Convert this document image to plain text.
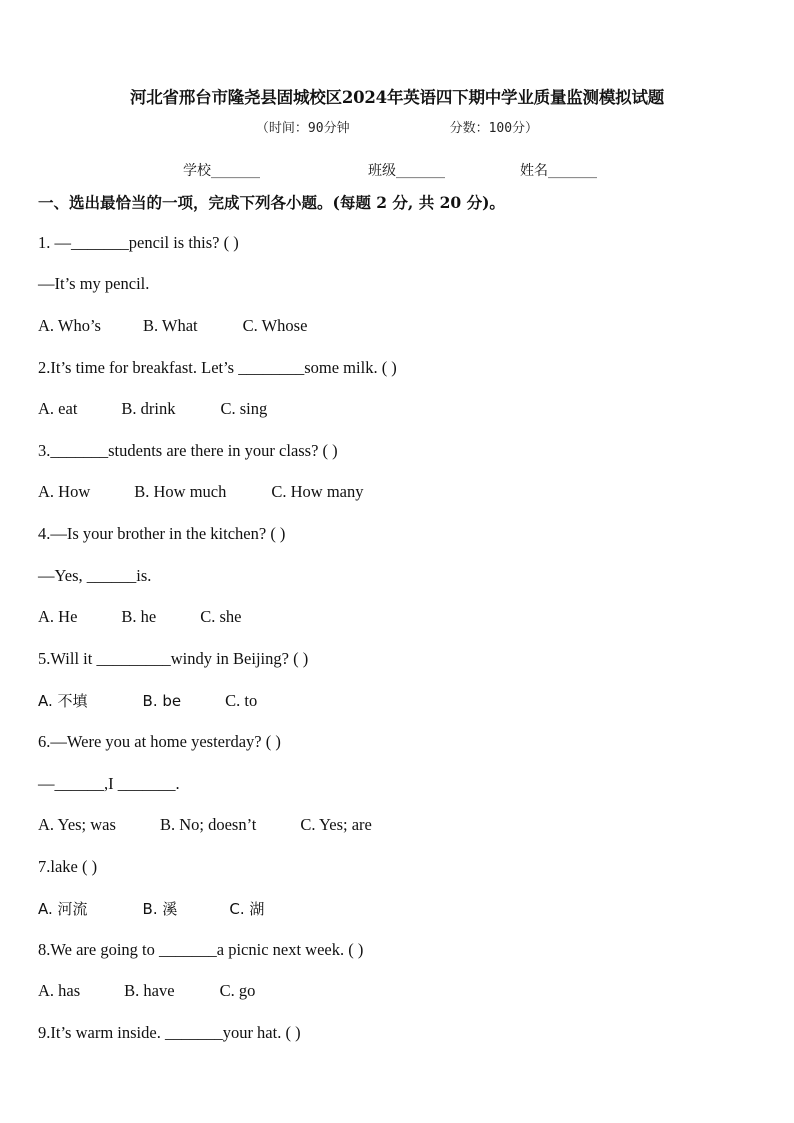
河北省邢台市隆尧县固城校区2024年英语四下期中学业质量监测模拟试题
（时间：90分钟	分数：100分）
学校_______	班级_______	姓名_______
一、选出最恰当的一项，完成下列各小题。(每题 2 分, 共 20 分)。
1. —_______pencil is this? ( )
—It’s my pencil.
A. Who’s	B. What	C. Whose
2.It’s time for breakfast. Let’s ________some milk. ( )
A. eat	B. drink	C. sing
3._______students are there in your class? ( )
A. How	B. How much	C. How many
4.—Is your brother in the kitchen? ( )
—Yes, ______is.
A. He	B. he	C. she
5.Will it _________windy in Beijing? ( )
A. 不填	B. be	C. to
6.—Were you at home yesterday? ( )
—______,I _______.
A. Yes; was	B. No; doesn’t	C. Yes; are
7.lake ( )
A. 河流	B. 溪	C. 湖
8.We are going to _______a picnic next week. ( )
A. has	B. have	C. go
9.It’s warm inside. _______your hat. ( )
